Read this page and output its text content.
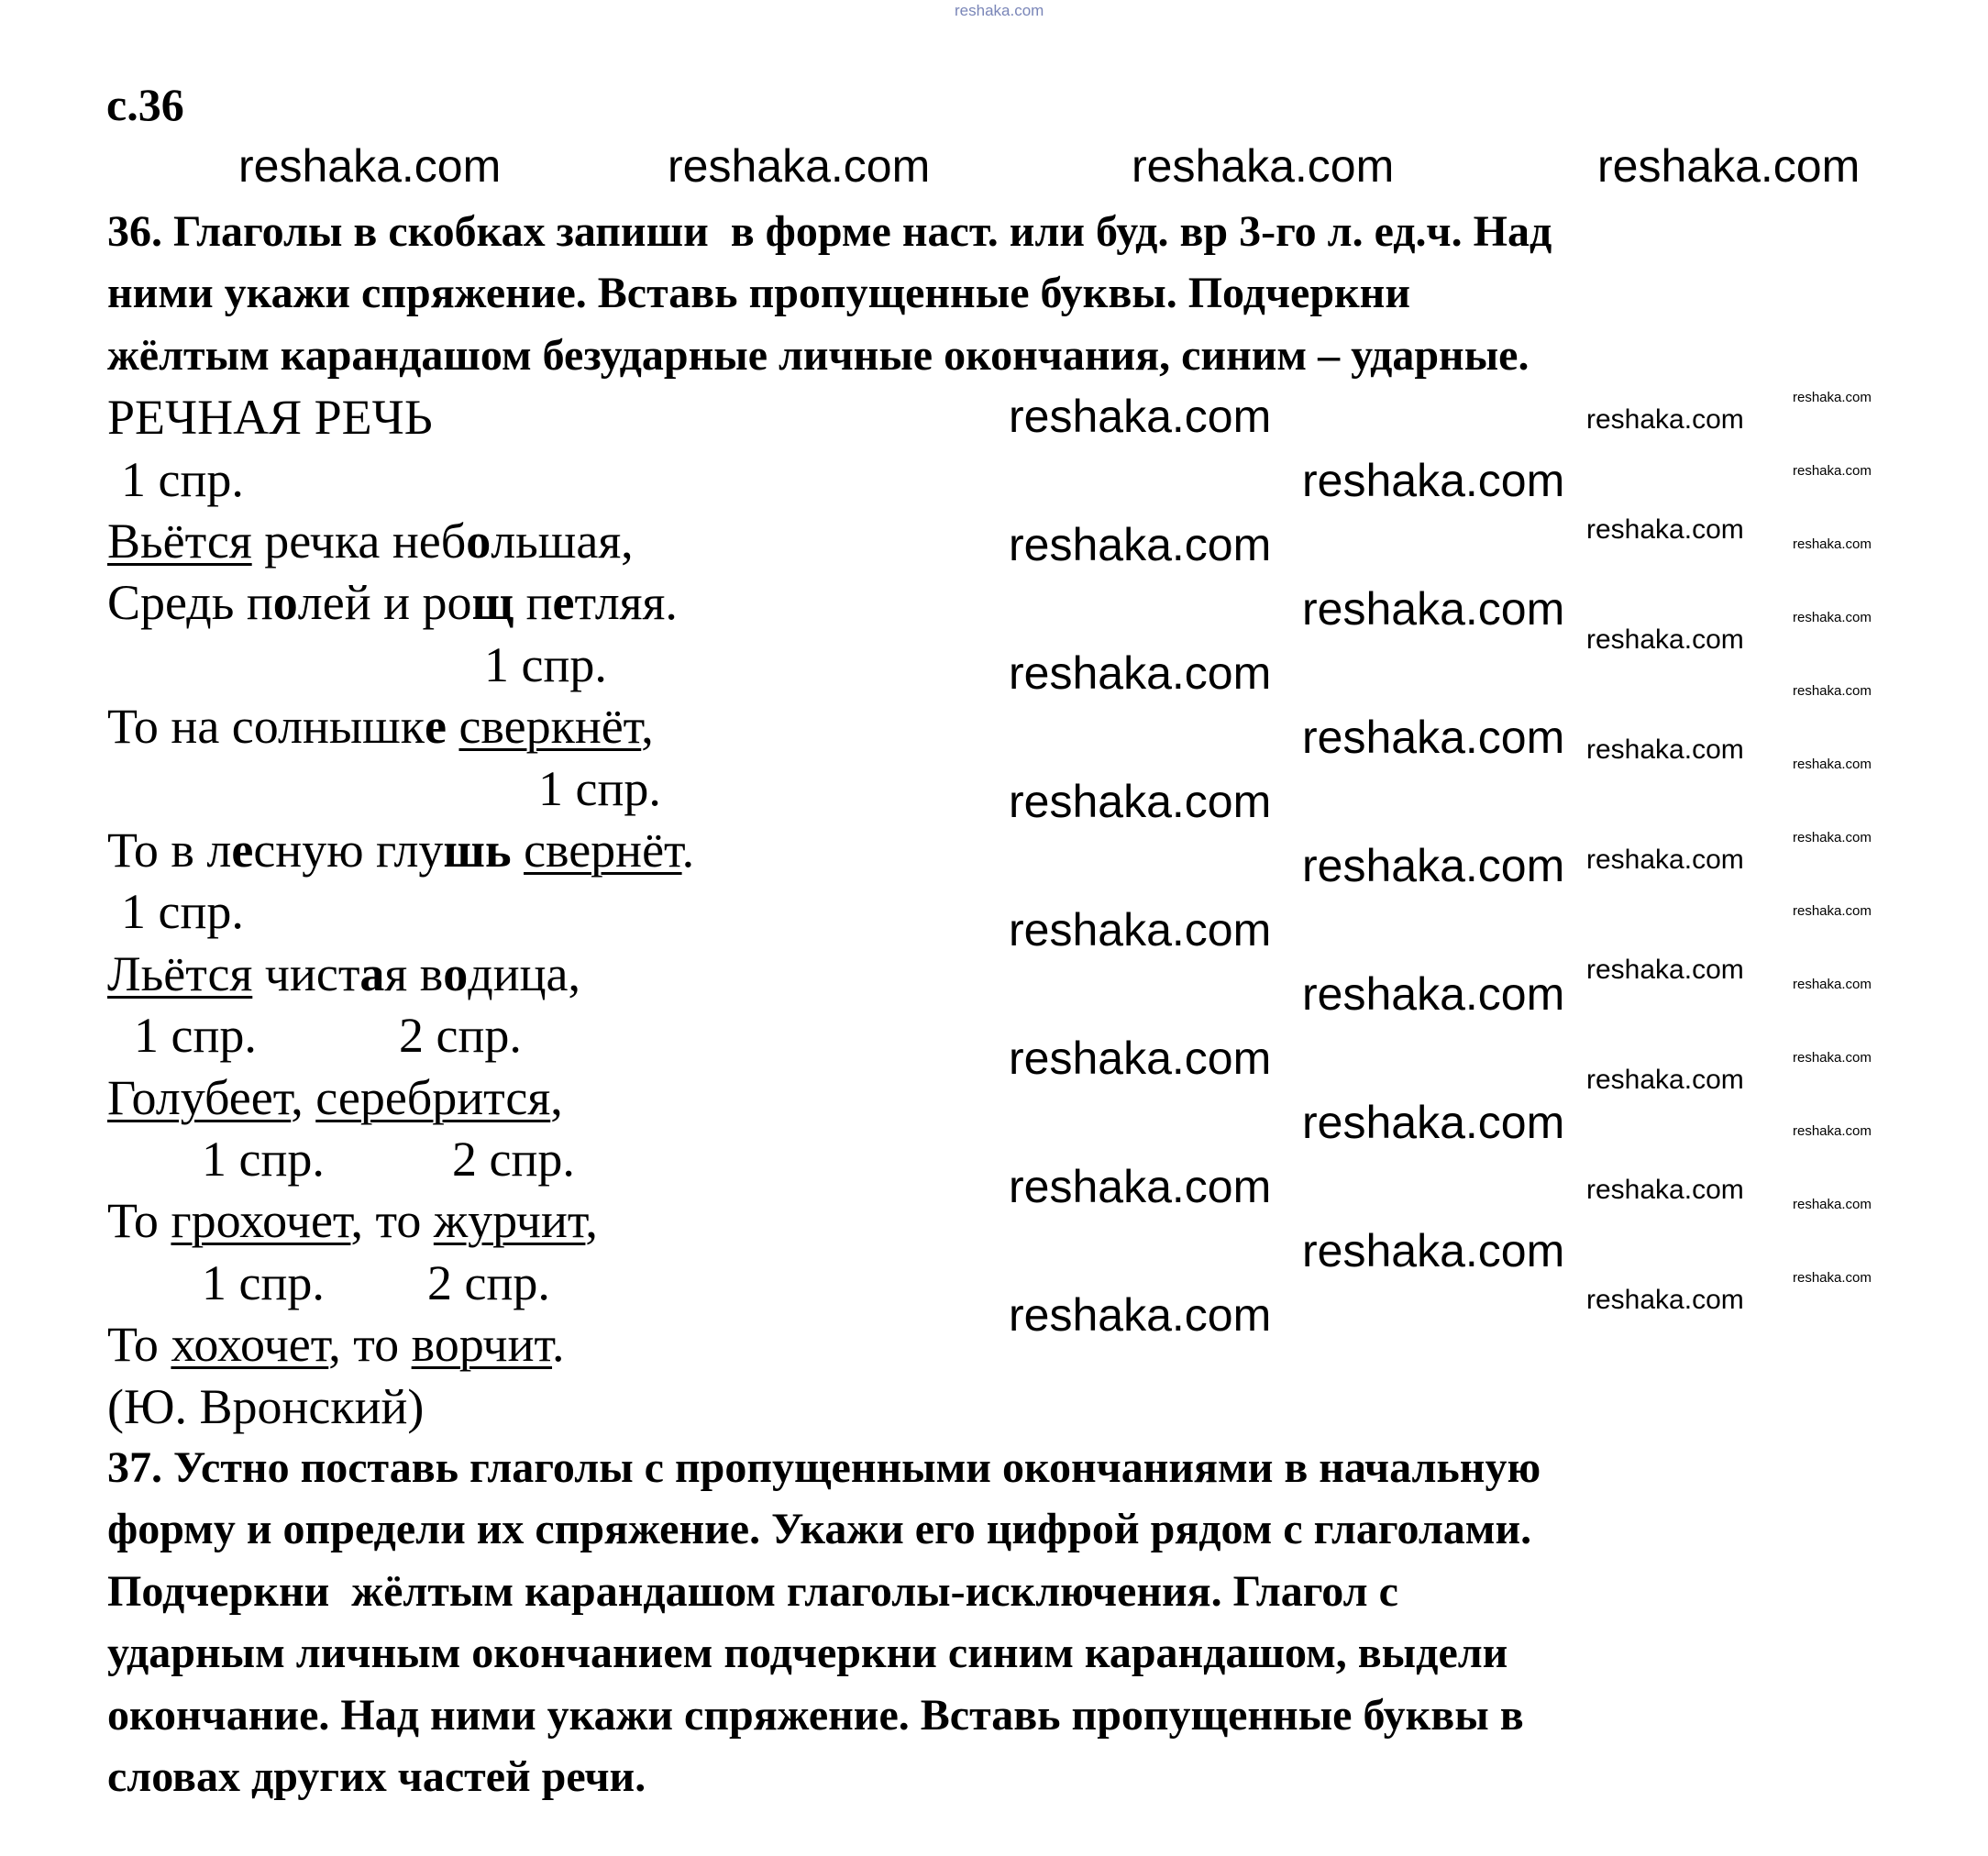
с.36
36. Глаголы в скобках запиши  в форме наст. или буд. вр 3-го л. ед.ч. Над
ними укажи спряжение. Вставь пропущенные буквы. Подчеркни
жёлтым карандашом безударные личные окончания, синим – ударные.
РЕЧНАЯ РЕЧЬ
1 спр.
Вьётся речка небольшая,
Средь полей и рощ петляя.
1 спр.
То на солнышке сверкнёт,
1 спр.
То в лесную глушь свернёт.
1 спр.
Льётся чистая водица,
1 спр.	2 спр.
Голубеет, серебрится,
1 спр.	2 спр.
То грохочет, то журчит,
1 спр. 2 спр.
То хохочет, то ворчит.
(Ю. Вронский)
37. Устно поставь глаголы с пропущенными окончаниями в начальную
форму и определи их спряжение. Укажи его цифрой рядом с глаголами.
Подчеркни  жёлтым карандашом глаголы-исключения. Глагол с
ударным личным окончанием подчеркни синим карандашом, выдели
окончание. Над ними укажи спряжение. Вставь пропущенные буквы в
словах других частей речи.
reshaka.com
reshaka.com	reshaka.com	reshaka.com	reshaka.com
reshaka.com
reshaka.com
reshaka.com
reshaka.com
reshaka.com
reshaka.com
reshaka.com
reshaka.com
reshaka.com
reshaka.com
reshaka.com
reshaka.com
reshaka.com
reshaka.com
reshaka.com
reshaka.com
reshaka.com
reshaka.com
reshaka.com
reshaka.com
reshaka.com
reshaka.com
reshaka.com
reshaka.com
reshaka.com
reshaka.com
reshaka.com
reshaka.com
reshaka.com
reshaka.com
reshaka.com
reshaka.com
reshaka.com
reshaka.com
reshaka.com
reshaka.com
reshaka.com
